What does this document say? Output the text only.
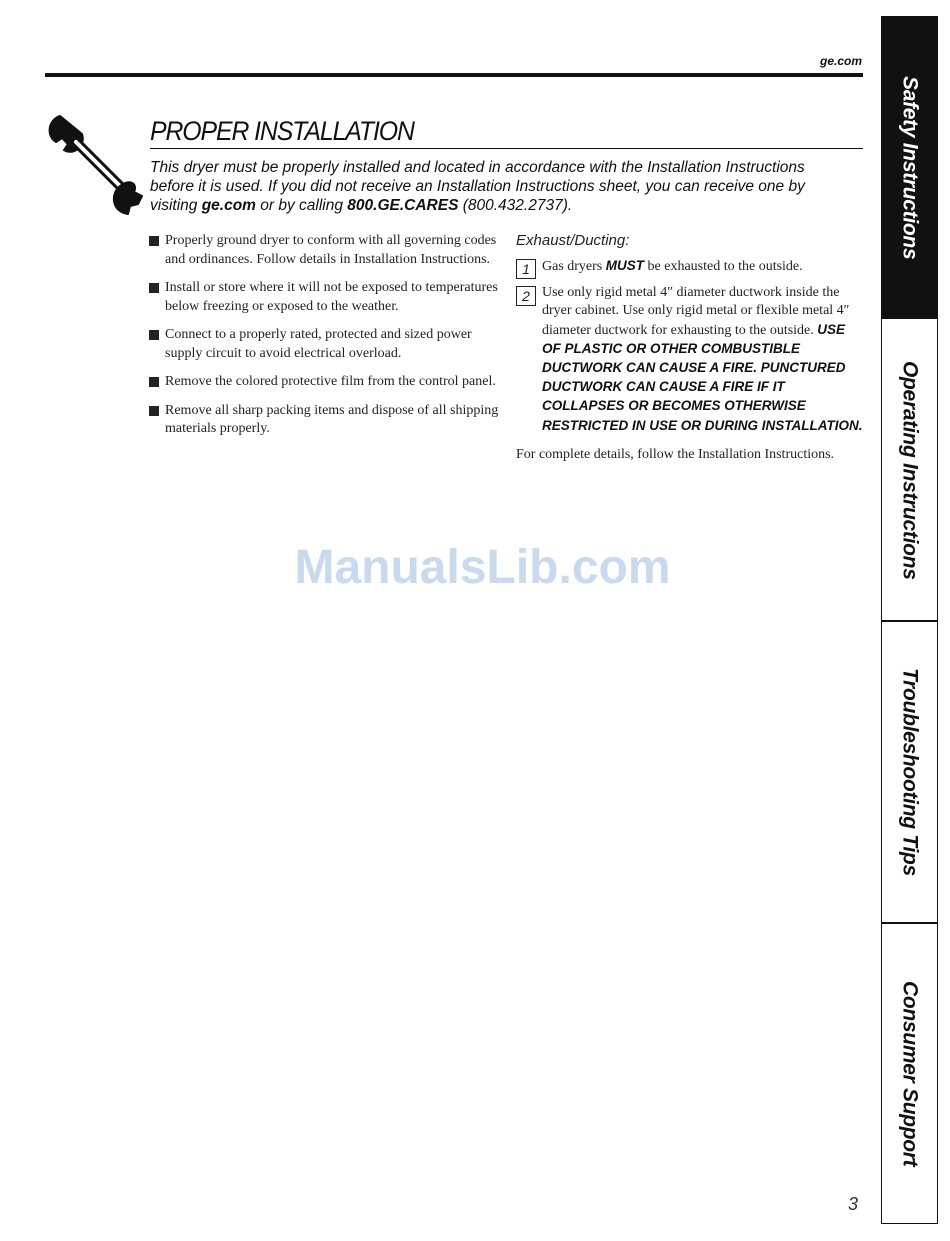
ge.com
PROPER INSTALLATION
This dryer must be properly installed and located in accordance with the Installation Instructions before it is used. If you did not receive an Installation Instructions sheet, you can receive one by visiting ge.com or by calling 800.GE.CARES (800.432.2737).
Properly ground dryer to conform with all governing codes and ordinances. Follow details in Installation Instructions.
Install or store where it will not be exposed to temperatures below freezing or exposed to the weather.
Connect to a properly rated, protected and sized power supply circuit to avoid electrical overload.
Remove the colored protective film from the control panel.
Remove all sharp packing items and dispose of all shipping materials properly.
Exhaust/Ducting:
1 Gas dryers MUST be exhausted to the outside.
2 Use only rigid metal 4″ diameter ductwork inside the dryer cabinet. Use only rigid metal or flexible metal 4″ diameter ductwork for exhausting to the outside. USE OF PLASTIC OR OTHER COMBUSTIBLE DUCTWORK CAN CAUSE A FIRE. PUNCTURED DUCTWORK CAN CAUSE A FIRE IF IT COLLAPSES OR BECOMES OTHERWISE RESTRICTED IN USE OR DURING INSTALLATION.
For complete details, follow the Installation Instructions.
ManualsLib.com
Safety Instructions
Operating Instructions
Troubleshooting Tips
Consumer Support
3
